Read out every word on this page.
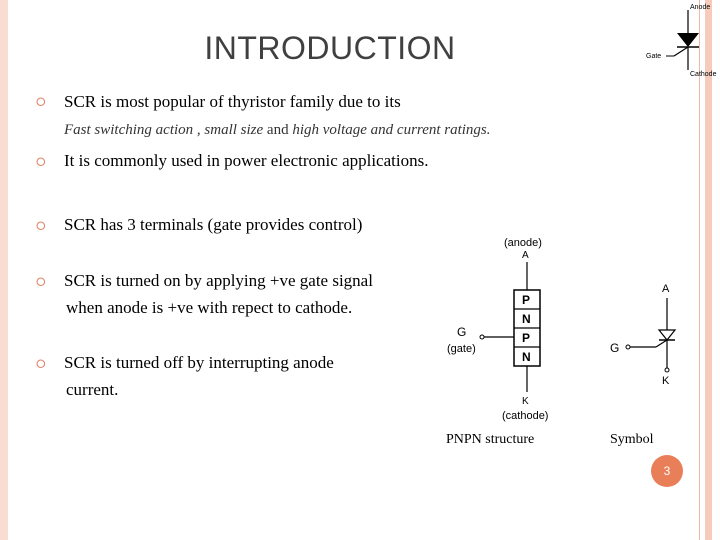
INTRODUCTION
Anode
Gate
Cathode
⭘
SCR is most popular of thyristor family due to its
Fast switching action , small size and high voltage and current ratings.
⭘
It is commonly used in power electronic applications.
⭘
SCR has 3 terminals (gate provides control)
⭘
SCR is turned on by applying +ve gate signal
when anode is +ve with repect to cathode.
⭘
SCR is turned off by interrupting anode
current.
(anode)
A
P
N
P
N
G
(gate)
K
(cathode)
PNPN structure
A
G
K
Symbol
3
